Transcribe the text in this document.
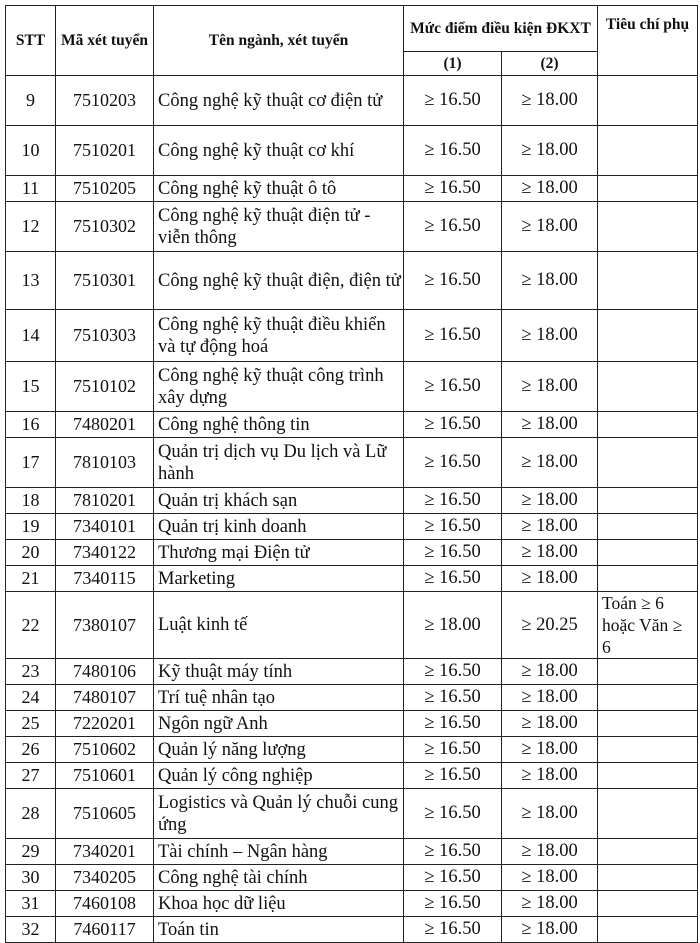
STT	Mã xét tuyển	Tên ngành, xét tuyển	Mức điểm điều kiện ĐKXT		Tiêu chí phụ
			(1)	(2)	
9	7510203	Công nghệ kỹ thuật cơ điện tử	≥ 16.50	≥ 18.00	
10	7510201	Công nghệ kỹ thuật cơ khí	≥ 16.50	≥ 18.00	
11	7510205	Công nghệ kỹ thuật ô tô	≥ 16.50	≥ 18.00	
12	7510302	Công nghệ kỹ thuật điện tử - viễn thông	≥ 16.50	≥ 18.00	
13	7510301	Công nghệ kỹ thuật điện, điện tử	≥ 16.50	≥ 18.00	
14	7510303	Công nghệ kỹ thuật điều khiển và tự động hoá	≥ 16.50	≥ 18.00	
15	7510102	Công nghệ kỹ thuật công trình xây dựng	≥ 16.50	≥ 18.00	
16	7480201	Công nghệ thông tin	≥ 16.50	≥ 18.00	
17	7810103	Quản trị dịch vụ Du lịch và Lữ hành	≥ 16.50	≥ 18.00	
18	7810201	Quản trị khách sạn	≥ 16.50	≥ 18.00	
19	7340101	Quản trị kinh doanh	≥ 16.50	≥ 18.00	
20	7340122	Thương mại Điện tử	≥ 16.50	≥ 18.00	
21	7340115	Marketing	≥ 16.50	≥ 18.00	
22	7380107	Luật kinh tế	≥ 18.00	≥ 20.25	Toán ≥ 6 hoặc Văn ≥ 6
23	7480106	Kỹ thuật máy tính	≥ 16.50	≥ 18.00	
24	7480107	Trí tuệ nhân tạo	≥ 16.50	≥ 18.00	
25	7220201	Ngôn ngữ Anh	≥ 16.50	≥ 18.00	
26	7510602	Quản lý năng lượng	≥ 16.50	≥ 18.00	
27	7510601	Quản lý công nghiệp	≥ 16.50	≥ 18.00	
28	7510605	Logistics và Quản lý chuỗi cung ứng	≥ 16.50	≥ 18.00	
29	7340201	Tài chính – Ngân hàng	≥ 16.50	≥ 18.00	
30	7340205	Công nghệ tài chính	≥ 16.50	≥ 18.00	
31	7460108	Khoa học dữ liệu	≥ 16.50	≥ 18.00	
32	7460117	Toán tin	≥ 16.50	≥ 18.00	
